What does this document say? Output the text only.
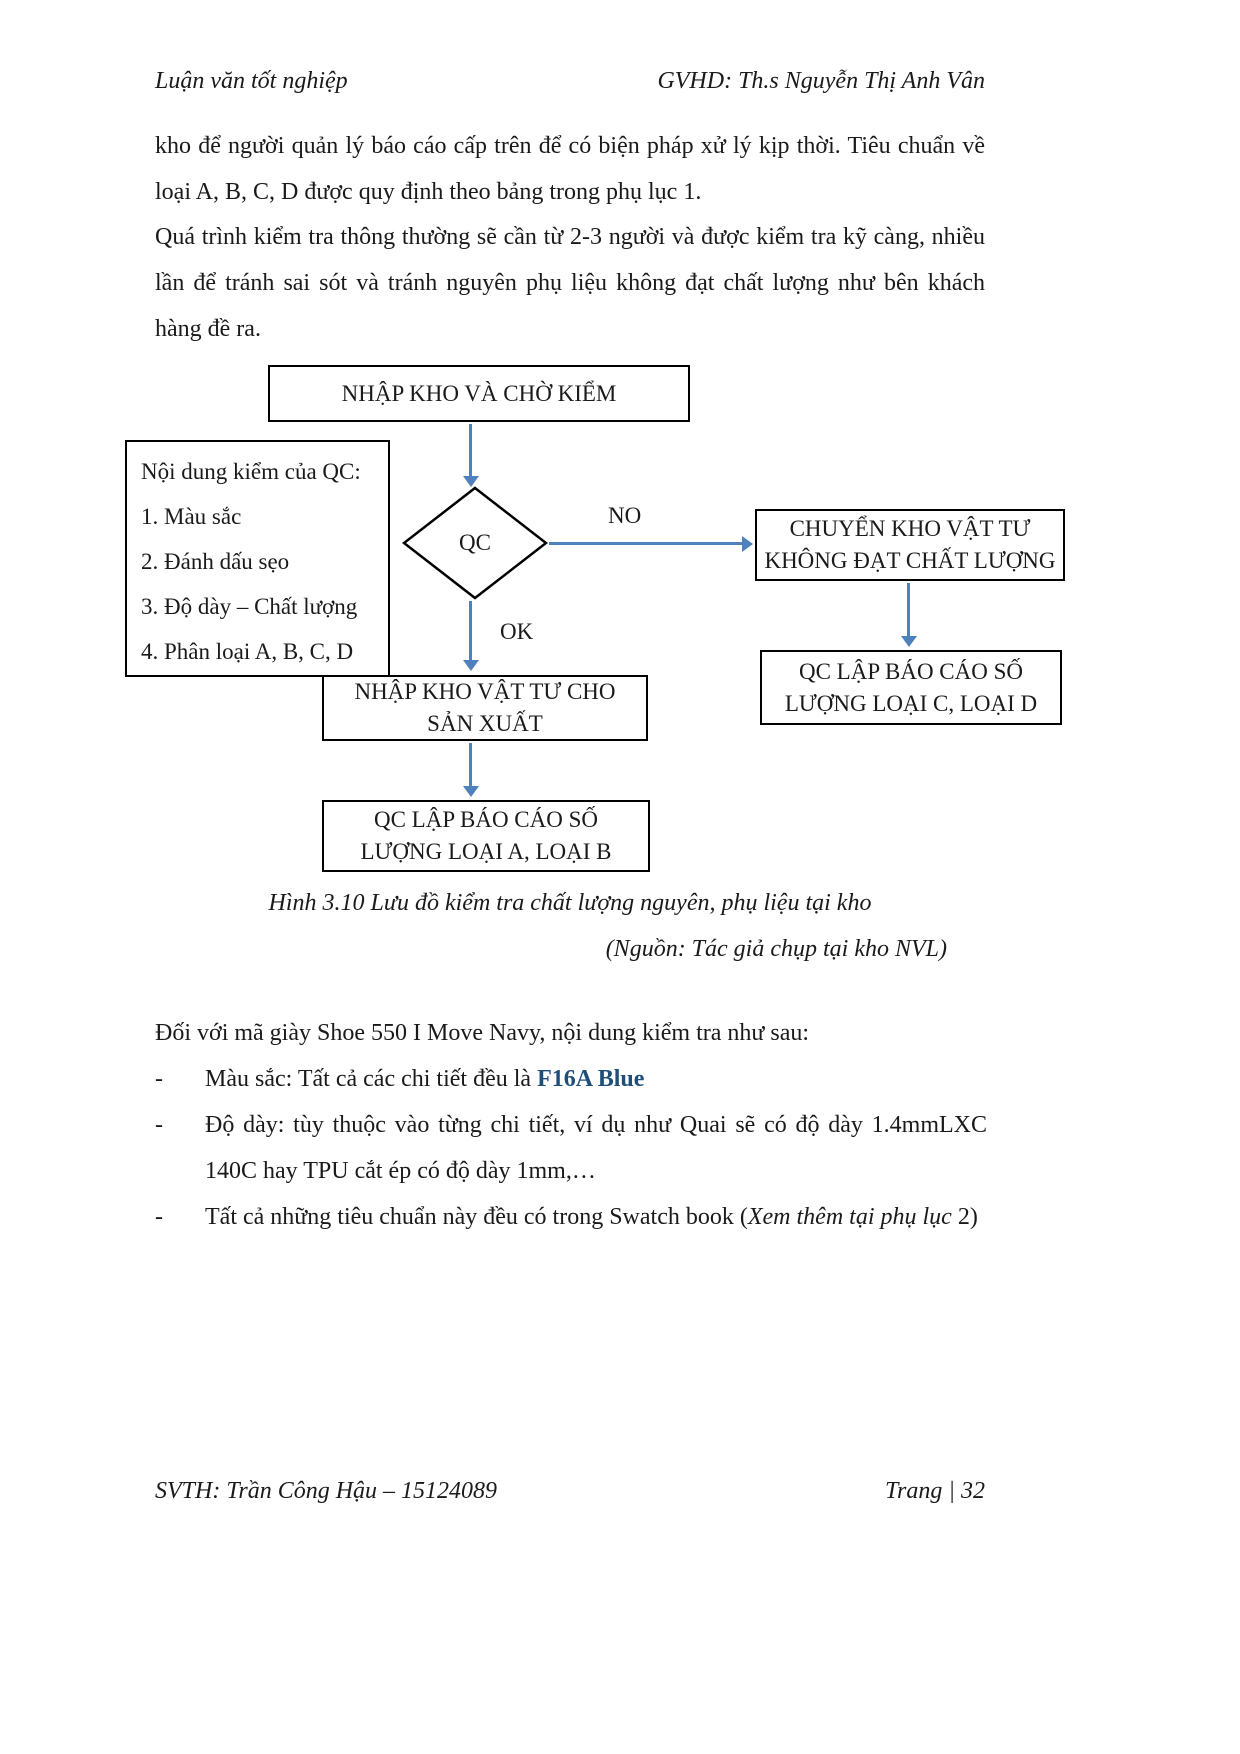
Luận văn tốt nghiệp	GVHD: Th.s Nguyễn Thị Anh Vân
kho để người quản lý báo cáo cấp trên để có biện pháp xử lý kịp thời. Tiêu chuẩn về loại A, B, C, D được quy định theo bảng trong phụ lục 1.
Quá trình kiểm tra thông thường sẽ cần từ 2-3 người và được kiểm tra kỹ càng, nhiều lần để tránh sai sót và tránh nguyên phụ liệu không đạt chất lượng như bên khách hàng đề ra.
NHẬP KHO VÀ CHỜ KIỂM
Nội dung kiểm của QC:
1. Màu sắc
2. Đánh dấu sẹo
3. Độ dày – Chất lượng
4. Phân loại A, B, C, D
QC
NO
CHUYỂN KHO VẬT TƯ
KHÔNG ĐẠT CHẤT LƯỢNG
QC LẬP BÁO CÁO SỐ
LƯỢNG LOẠI C, LOẠI D
OK
NHẬP KHO VẬT TƯ CHO
SẢN XUẤT
QC LẬP BÁO CÁO SỐ
LƯỢNG LOẠI A, LOẠI B
Hình 3.10 Lưu đồ kiểm tra chất lượng nguyên, phụ liệu tại kho
(Nguồn: Tác giả chụp tại kho NVL)
Đối với mã giày Shoe 550 I Move Navy, nội dung kiểm tra như sau:
-	Màu sắc: Tất cả các chi tiết đều là F16A Blue
-	Độ dày: tùy thuộc vào từng chi tiết, ví dụ như Quai sẽ có độ dày 1.4mmLXC 140C hay TPU cắt ép có độ dày 1mm,…
-	Tất cả những tiêu chuẩn này đều có trong Swatch book (Xem thêm tại phụ lục 2)
SVTH: Trần Công Hậu – 15124089	Trang | 32
